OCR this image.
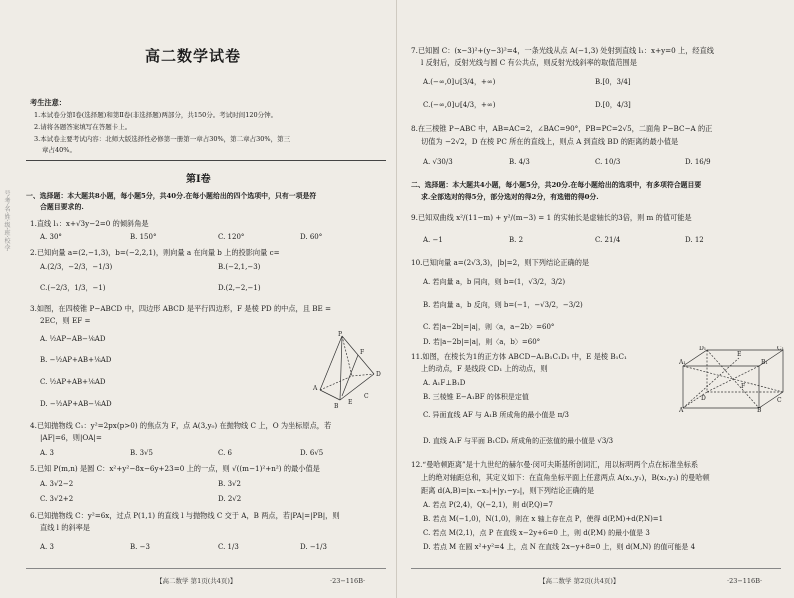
号·考·名·姓·级·班·校·学
高二数学试卷
考生注意：
1.本试卷分第Ⅰ卷(选择题)和第Ⅱ卷(非选择题)两部分，共150分。考试时间120分钟。
2.请将各题答案填写在答题卡上。
3.本试卷主要考试内容：北师大版选择性必修第一册第一章占30%，第二章占30%，第三
章占40%。
第Ⅰ卷
一、选择题：本大题共8小题，每小题5分，共40分.在每小题给出的四个选项中，只有一项是符
合题目要求的.
1.直线 l₁：x+√3y−2=0 的倾斜角是
A. 30°	B. 150°	C. 120°	D. 60°
2.已知向量 a=(2,−1,3)，b=(−2,2,1)，则向量 a 在向量 b 上的投影向量 c=
A.(2/3，−2/3，−1/3)	B.(−2,1,−3)
C.(−2/3，1/3，−1)	D.(2,−2,−1)
3.如图，在四棱锥 P−ABCD 中，四边形 ABCD 是平行四边形，F 是棱 PD 的中点，且 BE =
2EC，则 EF =
A. ½AP−AB−⅙AD
B. −½AP+AB+⅙AD
C. ½AP+AB+⅙AD
D. −½AP+AB−⅙AD
P
F
A
B
E
C
D
4.已知抛物线 C₁：y²=2px(p>0) 的焦点为 F，点 A(3,y₀) 在抛物线 C 上，O 为坐标原点，若
|AF|=6，则|OA|=
A. 3	B. 3√5	C. 6	D. 6√5
5.已知 P(m,n) 是圆 C：x²+y²−8x−6y+23=0 上的一点，则 √((m−1)²+n²) 的最小值是
A. 3√2−2	B. 3√2
C. 3√2+2	D. 2√2
6.已知抛物线 C：y²=6x，过点 P(1,1) 的直线 l 与抛物线 C 交于 A，B 两点，若|PA|=|PB|，则
直线 l 的斜率是
A. 3	B. −3	C. 1/3	D. −1/3
【高二数学 第1页(共4页)】	·23−116B·
7.已知圆 C：(x−3)²+(y−3)²=4，一条光线从点 A(−1,3) 处射到直线 l₁：x+y=0 上，经直线
l 反射后，反射光线与圆 C 有公共点，则反射光线斜率的取值范围是
A.(−∞,0]∪[3/4，+∞)	B.[0，3/4]
C.(−∞,0]∪[4/3，+∞)	D.[0，4/3]
8.在三棱锥 P−ABC 中，AB=AC=2，∠BAC=90°，PB=PC=2√5，二面角 P−BC−A 的正
切值为 −2√2，D 在棱 PC 所在的直线上，则点 A 到直线 BD 的距离的最小值是
A. √30/3	B. 4/3	C. 10/3	D. 16/9
二、选择题：本大题共4小题，每小题5分，共20分.在每小题给出的选项中，有多项符合题目要
求.全部选对的得5分，部分选对的得2分，有选错的得0分.
9.已知双曲线 x²/(11−m) + y²/(m−3) = 1 的实轴长是虚轴长的3倍，则 m 的值可能是
A. −1	B. 2	C. 21/4	D. 12
10.已知向量 a=(2√3,3)，|b|=2，则下列结论正确的是
A. 若向量 a，b 同向，则 b=(1，√3/2，3/2)
B. 若向量 a，b 反向，则 b=(−1，−√3/2，−3/2)
C. 若|a−2b|=|a|，则〈a，a−2b〉=60°
D. 若|a−2b|=|a|，则〈a，b〉=60°
11.如图，在棱长为1的正方体 ABCD−A₁B₁C₁D₁ 中，E 是棱 B₁C₁
上的动点，F 是线段 CD₁ 上的动点，则
A. A₁F⊥B₁D
B. 三棱锥 E−A₁BF 的体积是定值
C. 异面直线 AF 与 A₁B 所成角的最小值是 π/3
D. 直线 A₁F 与平面 B₁CD₁ 所成角的正弦值的最小值是 √3/3
D₁	C₁
A₁	B₁
E
F
D	C
A	B
12.“曼哈顿距离”是十九世纪的赫尔曼·闵可夫斯基所创词汇，用以标明两个点在标准坐标系
上的绝对轴距总和，其定义如下：在直角坐标平面上任意两点 A(x₁,y₁)，B(x₂,y₂) 的曼哈顿
距离 d(A,B)=|x₁−x₂|+|y₁−y₂|，则下列结论正确的是
A. 若点 P(2,4)，Q(−2,1)，则 d(P,Q)=7
B. 若点 M(−1,0)，N(1,0)，则在 x 轴上存在点 P，使得 d(P,M)+d(P,N)=1
C. 若点 M(2,1)，点 P 在直线 x−2y+6=0 上，则 d(P,M) 的最小值是 3
D. 若点 M 在圆 x²+y²=4 上，点 N 在直线 2x−y+8=0 上，则 d(M,N) 的值可能是 4
【高二数学 第2页(共4页)】	·23−116B·
